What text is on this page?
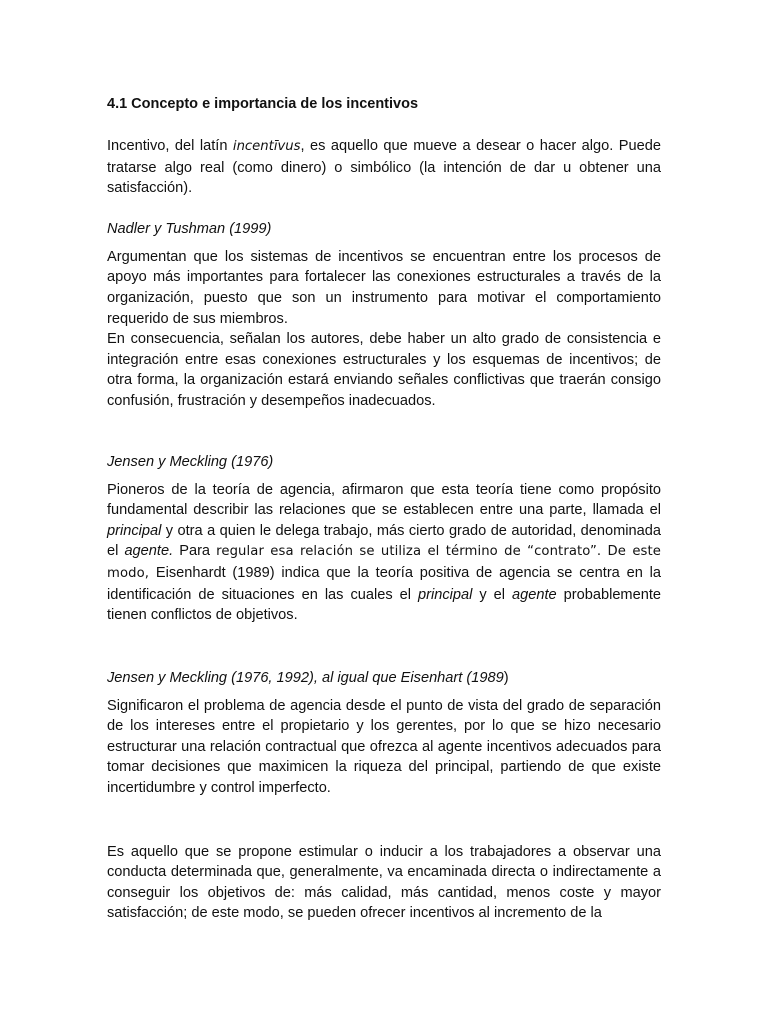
4.1 Concepto e importancia de los incentivos

Incentivo, del latín incentīvus, es aquello que mueve a desear o hacer algo. Puede tratarse algo real (como dinero) o simbólico (la intención de dar u obtener una satisfacción).

Nadler y Tushman (1999)

Argumentan que los sistemas de incentivos se encuentran entre los procesos de apoyo más importantes para fortalecer las conexiones estructurales a través de la organización, puesto que son un instrumento para motivar el comportamiento requerido de sus miembros.

En consecuencia, señalan los autores, debe haber un alto grado de consistencia e integración entre esas conexiones estructurales y los esquemas de incentivos; de otra forma, la organización estará enviando señales conflictivas que traerán consigo confusión, frustración y desempeños inadecuados.

Jensen y Meckling (1976)

Pioneros de la teoría de agencia, afirmaron que esta teoría tiene como propósito fundamental describir las relaciones que se establecen entre una parte, llamada el principal y otra a quien le delega trabajo, más cierto grado de autoridad, denominada el agente. Para regular esa relación se utiliza el término de “contrato”. De este modo, Eisenhardt (1989) indica que la teoría positiva de agencia se centra en la identificación de situaciones en las cuales el principal y el agente probablemente tienen conflictos de objetivos.

Jensen y Meckling (1976, 1992), al igual que Eisenhart (1989)

Significaron el problema de agencia desde el punto de vista del grado de separación de los intereses entre el propietario y los gerentes, por lo que se hizo necesario estructurar una relación contractual que ofrezca al agente incentivos adecuados para tomar decisiones que maximicen la riqueza del principal, partiendo de que existe incertidumbre y control imperfecto.

Es aquello que se propone estimular o inducir a los trabajadores a observar una conducta determinada que, generalmente, va encaminada directa o indirectamente a conseguir los objetivos de: más calidad, más cantidad, menos coste y mayor satisfacción; de este modo, se pueden ofrecer incentivos al incremento de la
